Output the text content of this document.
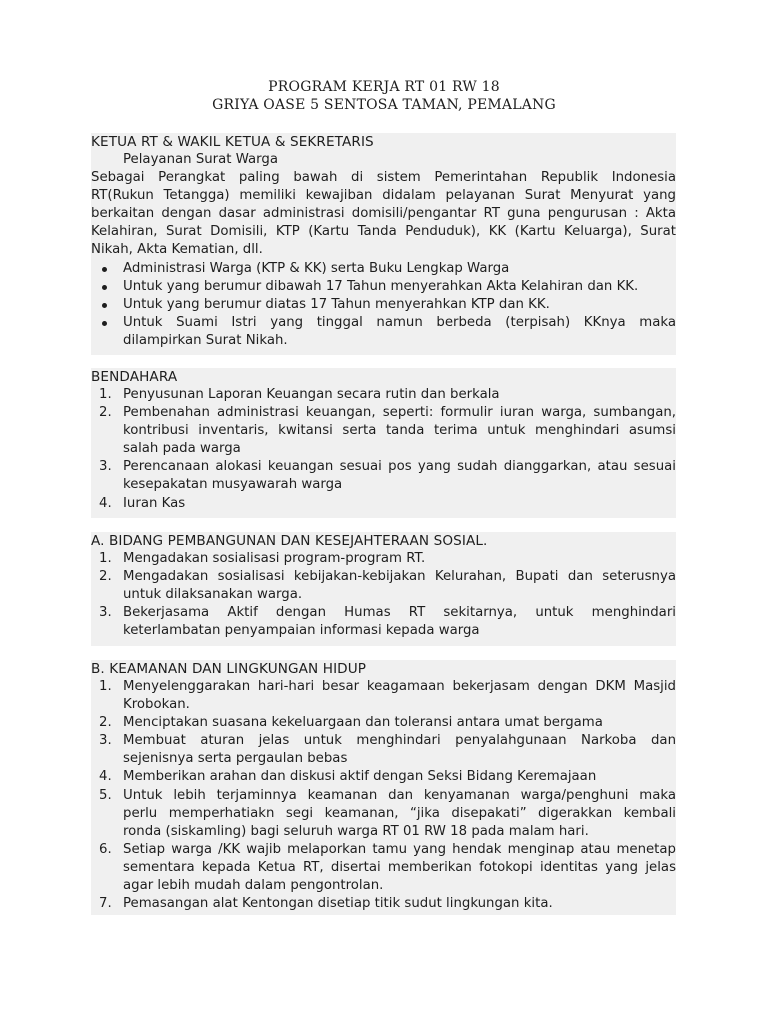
PROGRAM KERJA RT 01 RW 18
GRIYA OASE 5 SENTOSA TAMAN, PEMALANG
KETUA RT & WAKIL KETUA & SEKRETARIS
Pelayanan Surat Warga
Sebagai Perangkat paling bawah di sistem Pemerintahan Republik Indonesia
RT(Rukun Tetangga) memiliki kewajiban didalam pelayanan Surat Menyurat yang
berkaitan dengan dasar administrasi domisili/pengantar RT guna pengurusan : Akta
Kelahiran, Surat Domisili, KTP (Kartu Tanda Penduduk), KK (Kartu Keluarga), Surat
Nikah, Akta Kematian, dll.
Administrasi Warga (KTP & KK) serta Buku Lengkap Warga
Untuk yang berumur dibawah 17 Tahun menyerahkan Akta Kelahiran dan KK.
Untuk yang berumur diatas 17 Tahun menyerahkan KTP dan KK.
Untuk Suami Istri yang tinggal namun berbeda (terpisah) KKnya maka
dilampirkan Surat Nikah.
BENDAHARA
1. Penyusunan Laporan Keuangan secara rutin dan berkala
2. Pembenahan administrasi keuangan, seperti: formulir iuran warga, sumbangan,
kontribusi inventaris, kwitansi serta tanda terima untuk menghindari asumsi
salah pada warga
3. Perencanaan alokasi keuangan sesuai pos yang sudah dianggarkan, atau sesuai
kesepakatan musyawarah warga
4. Iuran Kas
A. BIDANG PEMBANGUNAN DAN KESEJAHTERAAN SOSIAL.
1. Mengadakan sosialisasi program-program RT.
2. Mengadakan sosialisasi kebijakan-kebijakan Kelurahan, Bupati dan seterusnya
untuk dilaksanakan warga.
3. Bekerjasama Aktif dengan Humas RT sekitarnya, untuk menghindari
keterlambatan penyampaian informasi kepada warga
B. KEAMANAN DAN LINGKUNGAN HIDUP
1. Menyelenggarakan hari-hari besar keagamaan bekerjasam dengan DKM Masjid
Krobokan.
2. Menciptakan suasana kekeluargaan dan toleransi antara umat bergama
3. Membuat aturan jelas untuk menghindari penyalahgunaan Narkoba dan
sejenisnya serta pergaulan bebas
4. Memberikan arahan dan diskusi aktif dengan Seksi Bidang Keremajaan
5. Untuk lebih terjaminnya keamanan dan kenyamanan warga/penghuni maka
perlu memperhatiakn segi keamanan, “jika disepakati” digerakkan kembali
ronda (siskamling) bagi seluruh warga RT 01 RW 18 pada malam hari.
6. Setiap warga /KK wajib melaporkan tamu yang hendak menginap atau menetap
sementara kepada Ketua RT, disertai memberikan fotokopi identitas yang jelas
agar lebih mudah dalam pengontrolan.
7. Pemasangan alat Kentongan disetiap titik sudut lingkungan kita.
